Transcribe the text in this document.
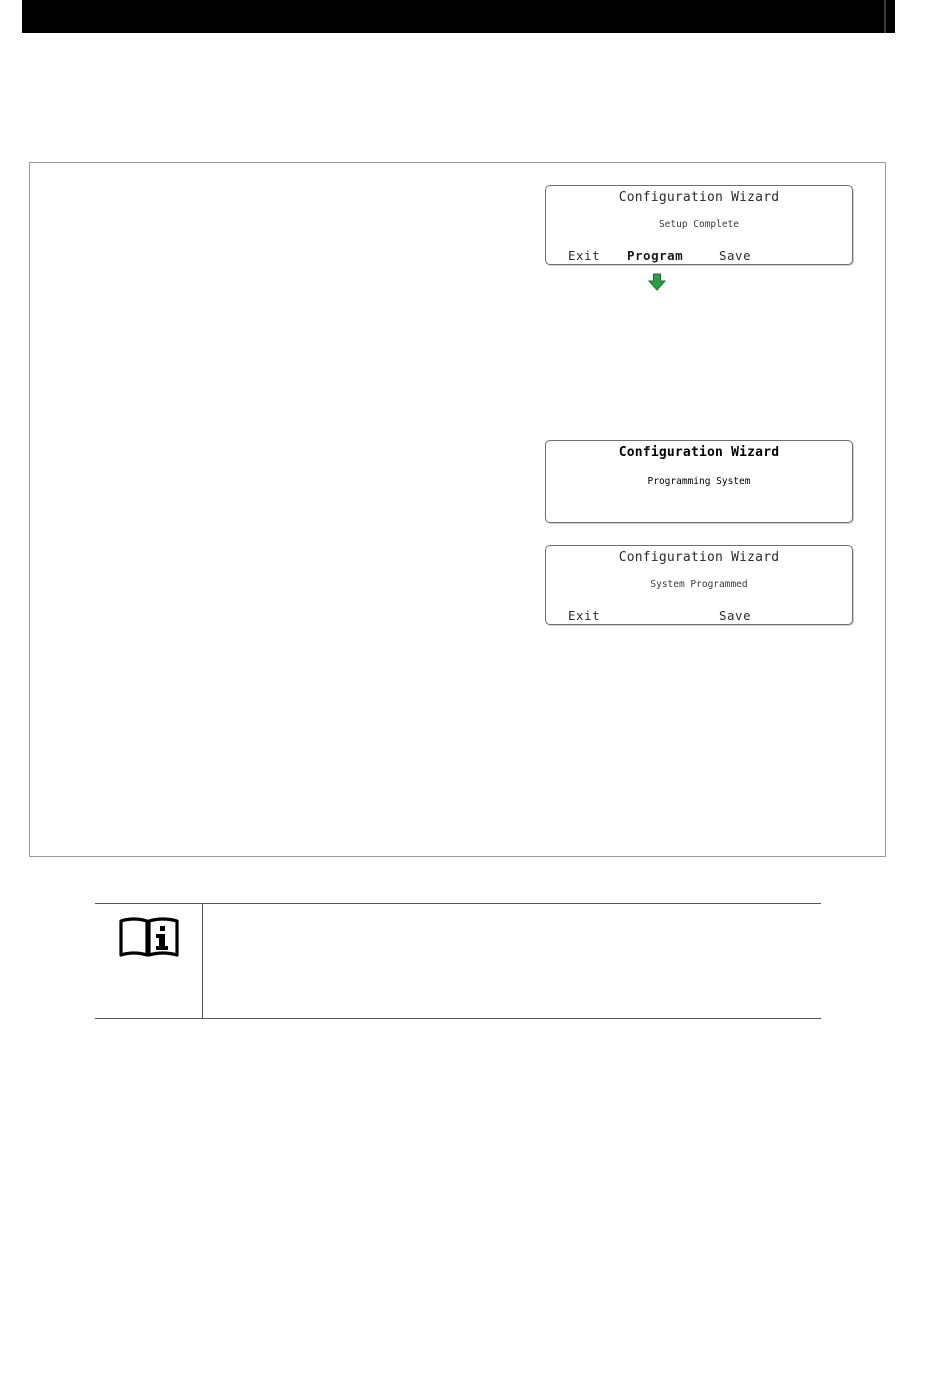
Configuration Wizard
Setup Complete
Exit Program	Save
Configuration Wizard
Programming System
Configuration Wizard
System Programmed
Exit	Save
